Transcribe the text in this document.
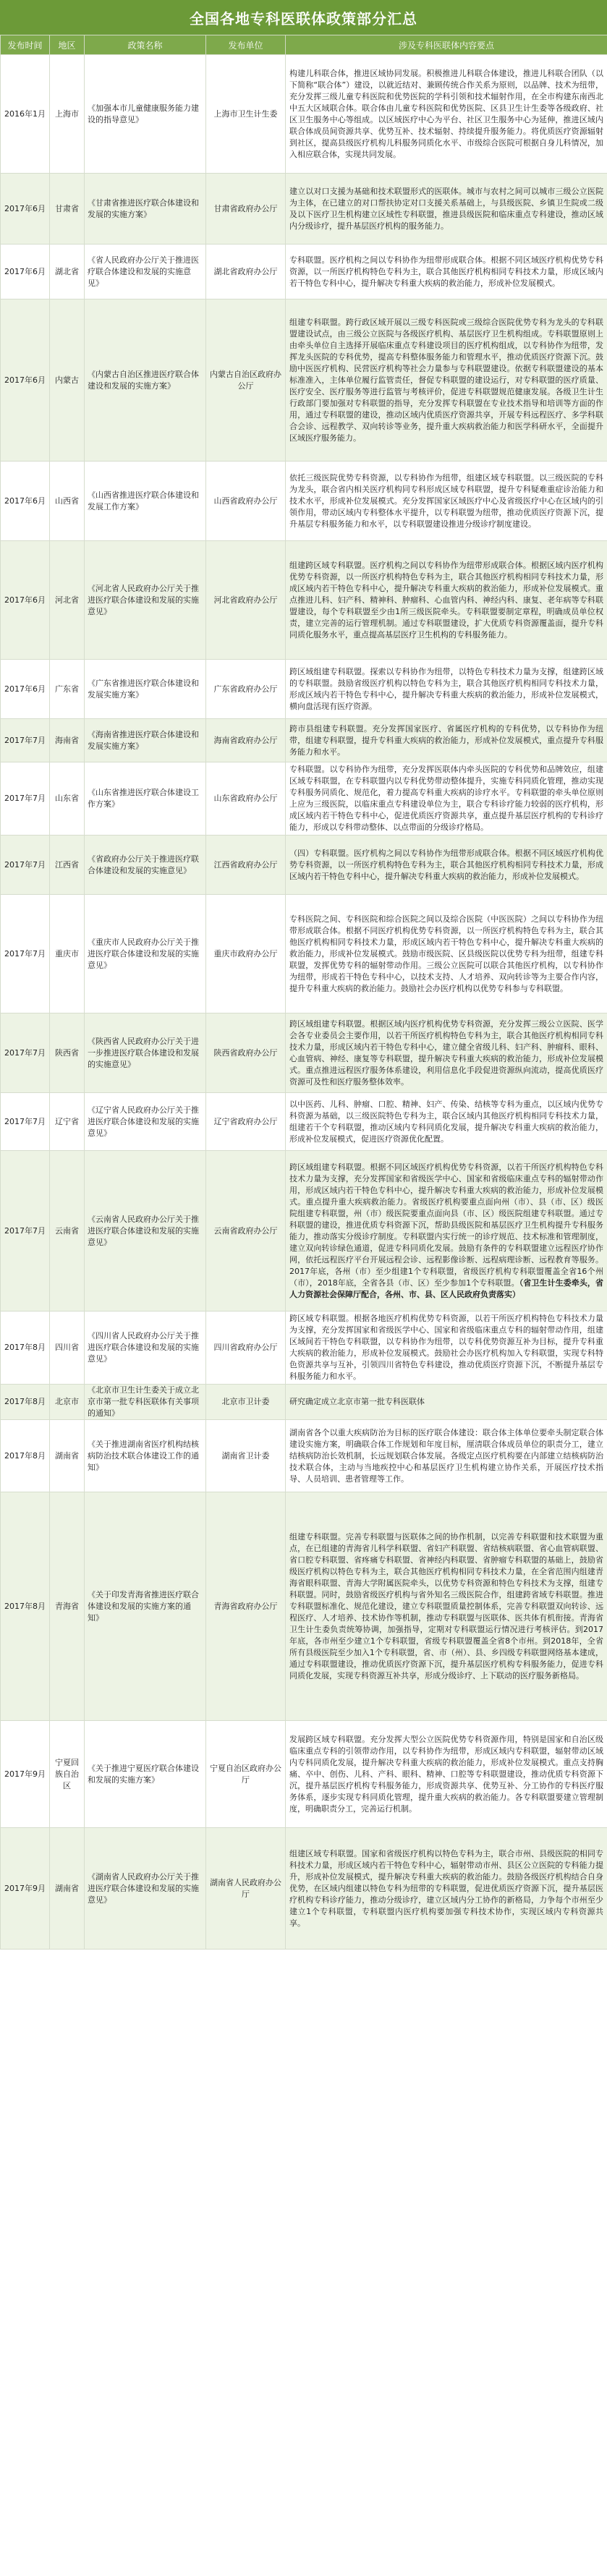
全国各地专科医联体政策部分汇总
发布时间	地区	政策名称	发布单位	涉及专科医联体内容要点
2016年1月	上海市	《加强本市儿童健康服务能力建设的指导意见》	上海市卫生计生委	构建儿科联合体，推进区域协同发展。积极推进儿科联合体建设，推进儿科联合团队（以下简称“联合体”）建设，以就近结对、兼顾传统合作关系为原则，以品牌、技术为纽带，充分发挥三级儿童专科医院和优势医院的学科引领和技术辐射作用，在全市构建东南西北中五大区域联合体。联合体由儿童专科医院和优势医院、区县卫生计生委等各级政府、社区卫生服务中心等组成。以区域医疗中心为平台、社区卫生服务中心为延伸，推进区域内联合体成员间资源共享、优势互补、技术辐射、持续提升服务能力。将优质医疗资源辐射到社区，提高县级医疗机构儿科服务同质化水平、市级综合医院可根据自身儿科情况，加入相应联合体，实现共同发展。
2017年6月	甘肃省	《甘肃省推进医疗联合体建设和发展的实施方案》	甘肃省政府办公厅	建立以对口支援为基础和技术联盟形式的医联体。城市与农村之间可以城市三级公立医院为主体，在已建立的对口帮扶协定对口支援关系基础上，与县级医院、乡镇卫生院或二级及以下医疗卫生机构建立区域性专科联盟，推进县级医院和临床重点专科建设，推动区域内分级诊疗，提升基层医疗机构的服务能力。
2017年6月	湖北省	《省人民政府办公厅关于推进医疗联合体建设和发展的实施意见》	湖北省政府办公厅	专科联盟。医疗机构之间以专科协作为纽带形成联合体。根据不同区域医疗机构优势专科资源，以一所医疗机构特色专科为主，联合其他医疗机构相同专科技术力量，形成区域内若干特色专科中心，提升解决专科重大疾病的救治能力，形成补位发展模式。
2017年6月	内蒙古	《内蒙古自治区推进医疗联合体建设和发展的实施方案》	内蒙古自治区政府办公厅	组建专科联盟。跨行政区域开展以三级专科医院或三级综合医院优势专科为龙头的专科联盟建设试点，由三级公立医院与各级医疗机构、基层医疗卫生机构组成。专科联盟原则上由牵头单位自主选择开展临床重点专科建设项目的医疗机构组成，以专科协作为纽带，发挥龙头医院的专科优势，提高专科整体服务能力和管理水平，推动优质医疗资源下沉。鼓励中医医疗机构、民营医疗机构等社会力量参与专科联盟建设。依据专科联盟建设的基本标准准入，主体单位履行监管责任，督促专科联盟的建设运行，对专科联盟的医疗质量、医疗安全、医疗服务等进行监管与考核评价，促进专科联盟规范健康发展。各级卫生计生行政部门要加强对专科联盟的指导，充分发挥专科联盟在专业技术指导和培训等方面的作用，通过专科联盟的建设，推动区域内优质医疗资源共享，开展专科远程医疗、多学科联合会诊、远程教学、双向转诊等业务，提升重大疾病救治能力和医学科研水平，全面提升区域医疗服务能力。
2017年6月	山西省	《山西省推进医疗联合体建设和发展工作方案》	山西省政府办公厅	依托三级医院优势专科资源，以专科协作为纽带，组建区域专科联盟。以三级医院的专科为龙头，联合省内相关医疗机构同专科形成区域专科联盟，提升专科疑难重症诊治能力和技术水平，形成补位发展模式。充分发挥国家区域医疗中心及省级医疗中心在区域内的引领作用，带动区域内专科整体水平提升，以专科联盟为纽带，推动优质医疗资源下沉，提升基层专科服务能力和水平，以专科联盟建设推进分级诊疗制度建设。
2017年6月	河北省	《河北省人民政府办公厅关于推进医疗联合体建设和发展的实施意见》	河北省政府办公厅	组建跨区域专科联盟。医疗机构之间以专科协作为纽带形成联合体。根据区域内医疗机构优势专科资源，以一所医疗机构特色专科为主，联合其他医疗机构相同专科技术力量，形成区域内若干特色专科中心，提升解决专科重大疾病的救治能力，形成补位发展模式。重点推进儿科、妇产科、精神科、肿瘤科、心血管内科、神经内科、康复、老年病等专科联盟建设，每个专科联盟至少由1所三级医院牵头。专科联盟要制定章程，明确成员单位权责，建立完善的运行管理机制。通过专科联盟建设，扩大优质专科资源覆盖面，提升专科同质化服务水平，重点提高基层医疗卫生机构的专科服务能力。
2017年6月	广东省	《广东省推进医疗联合体建设和发展实施方案》	广东省政府办公厅	跨区域组建专科联盟。探索以专科协作为纽带，以特色专科技术力量为支撑，组建跨区域的专科联盟。鼓励省级医疗机构以特色专科为主，联合其他医疗机构相同专科技术力量，形成区域内若干特色专科中心，提升解决专科重大疾病的救治能力，形成补位发展模式，横向盘活现有医疗资源。
2017年7月	海南省	《海南省推进医疗联合体建设和发展实施方案》	海南省政府办公厅	跨市县组建专科联盟。充分发挥国家医疗、省属医疗机构的专科优势，以专科协作为纽带，组建专科联盟，提升专科重大疾病的救治能力，形成补位发展模式，重点提升专科服务能力和水平。
2017年7月	山东省	《山东省推进医疗联合体建设工作方案》	山东省政府办公厅	专科联盟。以专科协作为纽带，充分发挥医联体内牵头医院的专科优势和品牌效应，组建区域专科联盟，在专科联盟内以专科优势带动整体提升，实施专科同质化管理，推动实现专科服务同质化、规范化，着力提高专科重大疾病的诊疗水平。专科联盟的牵头单位原则上应为三级医院，以临床重点专科建设单位为主，联合专科诊疗能力较弱的医疗机构，形成区域内若干特色专科中心，促进优质医疗资源共享，重点提升基层医疗机构的专科诊疗能力，形成以专科带动整体、以点带面的分级诊疗格局。
2017年7月	江西省	《省政府办公厅关于推进医疗联合体建设和发展的实施意见》	江西省政府办公厅	（四）专科联盟。医疗机构之间以专科协作为纽带形成联合体。根据不同区域医疗机构优势专科资源，以一所医疗机构特色专科为主，联合其他医疗机构相同专科技术力量，形成区域内若干特色专科中心，提升解决专科重大疾病的救治能力，形成补位发展模式。
2017年7月	重庆市	《重庆市人民政府办公厅关于推进医疗联合体建设和发展的实施意见》	重庆市政府办公厅	专科医院之间、专科医院和综合医院之间以及综合医院（中医医院）之间以专科协作为纽带形成联合体。根据不同医疗机构优势专科资源，以一所医疗机构特色专科为主，联合其他医疗机构相同专科技术力量，形成区域内若干特色专科中心，提升解决专科重大疾病的救治能力，形成补位发展模式。鼓励市级医院、区县级医院以优势专科为纽带，组建专科联盟，发挥优势专科的辐射带动作用。三级公立医院可以联合其他医疗机构，以专科协作为纽带，形成若干特色专科中心，以技术支持、人才培养、双向转诊等为主要合作内容，提升专科重大疾病的救治能力。鼓励社会办医疗机构以优势专科参与专科联盟。
2017年7月	陕西省	《陕西省人民政府办公厅关于进一步推进医疗联合体建设和发展的实施意见》	陕西省政府办公厅	跨区域组建专科联盟。根据区域内医疗机构优势专科资源，充分发挥三级公立医院、医学会各专业委员会主要作用，以若干所医疗机构特色专科为主，联合其他医疗机构相同专科技术力量，形成区域内若干特色专科中心，建立健全省级儿科、妇产科、肿瘤科、眼科、心血管病、神经、康复等专科联盟，提升解决专科重大疾病的救治能力，形成补位发展模式。重点推进远程医疗服务体系建设，利用信息化手段促进资源纵向流动，提高优质医疗资源可及性和医疗服务整体效率。
2017年7月	辽宁省	《辽宁省人民政府办公厅关于推进医疗联合体建设和发展的实施意见》	辽宁省政府办公厅	以中医药、儿科、肿瘤、口腔、精神、妇产、传染、结核等专科为重点，以区域内优势专科资源为基础，以三级医院特色专科为主，联合区域内其他医疗机构相同专科技术力量，组建若干个专科联盟，推动区域内专科同质化发展，提升解决专科重大疾病的救治能力，形成补位发展模式，促进医疗资源优化配置。
2017年7月	云南省	《云南省人民政府办公厅关于推进医疗联合体建设和发展的实施意见》	云南省政府办公厅	跨区域组建专科联盟。根据不同区域医疗机构优势专科资源，以若干所医疗机构特色专科技术力量为支撑，充分发挥国家和省级医学中心、国家和省级临床重点专科的辐射带动作用，形成区域内若干特色专科中心，提升解决专科重大疾病的救治能力，形成补位发展模式。重点提升重大疾病救治能力。省级医疗机构要重点面向州（市）、县（市、区）级医院组建专科联盟，州（市）级医院要重点面向县（市、区）级医院组建专科联盟。通过专科联盟的建设，推进优质专科资源下沉，帮助县级医院和基层医疗卫生机构提升专科服务能力，推动落实分级诊疗制度。专科联盟内实行统一的诊疗规范、技术标准和管理制度，建立双向转诊绿色通道，促进专科同质化发展。鼓励有条件的专科联盟建立远程医疗协作网，依托远程医疗平台开展远程会诊、远程影像诊断、远程病理诊断、远程教育等服务。2017年底，各州（市）至少组建1个专科联盟，省级医疗机构专科联盟覆盖全省16个州（市），2018年底，全省各县（市、区）至少参加1个专科联盟。（省卫生计生委牵头，省人力资源社会保障厅配合，各州、市、县、区人民政府负责落实）
2017年8月	四川省	《四川省人民政府办公厅关于推进医疗联合体建设和发展的实施意见》	四川省政府办公厅	跨区域专科联盟。根据各地医疗机构优势专科资源，以若干所医疗机构特色专科技术力量为支撑，充分发挥国家和省级医学中心、国家和省级临床重点专科的辐射带动作用，组建区域间若干特色专科联盟，以专科协作为纽带，以专科优势资源互补为目标，提升专科重大疾病的救治能力，形成补位发展模式。鼓励社会办医疗机构加入专科联盟，实现专科特色资源共享与互补，引领四川省特色专科建设，推动优质医疗资源下沉，不断提升基层专科服务能力和水平。
2017年8月	北京市	《北京市卫生计生委关于成立北京市第一批专科医联体有关事项的通知》	北京市卫计委	研究确定成立北京市第一批专科医联体
2017年8月	湖南省	《关于推进湖南省医疗机构结核病防治技术联合体建设工作的通知》	湖南省卫计委	湖南省各个以重大疾病防治为目标的医疗联合体建设：联合体主体单位要牵头制定联合体建设实施方案，明确联合体工作规划和年度目标，厘清联合体成员单位的职责分工，建立结核病防治长效机制，长远规划联合体发展。各级定点医疗机构要在内部建立结核病防治技术联合体，主动与当地疾控中心和基层医疗卫生机构建立协作关系，开展医疗技术指导、人员培训、患者管理等工作。
2017年8月	青海省	《关于印发青海省推进医疗联合体建设和发展的实施方案的通知》	青海省政府办公厅	组建专科联盟。完善专科联盟与医联体之间的协作机制，以完善专科联盟和技术联盟为重点，在已组建的青海省儿科学科联盟、省妇产科联盟、省结核病联盟、省心血管病联盟、省口腔专科联盟、省疼痛专科联盟、省神经内科联盟、省肿瘤专科联盟的基础上，鼓励省级医疗机构以特色专科为主，联合其他医疗机构相同专科技术力量，在全省范围内组建青海省眼科联盟、青海大学附属医院牵头，以优势专科资源和特色专科技术为支撑，组建专科联盟。同时，鼓励省级医疗机构与省外知名三级医院合作，组建跨省域专科联盟。推进专科联盟标准化、规范化建设，建立专科联盟质量控制体系，完善专科联盟双向转诊、远程医疗、人才培养、技术协作等机制，推动专科联盟与医联体、医共体有机衔接。青海省卫生计生委负责统筹协调，加强指导，定期对专科联盟运行情况进行考核评估。到2017年底，各市州至少建立1个专科联盟，省级专科联盟覆盖全省8个市州。到2018年，全省所有县级医院至少加入1个专科联盟，省、市（州）、县、乡四级专科联盟网络基本建成，通过专科联盟建设，推动优质医疗资源下沉，提升基层医疗机构专科服务能力，促进专科同质化发展，实现专科资源互补共享，形成分级诊疗、上下联动的医疗服务新格局。
2017年9月	宁夏回族自治区	《关于推进宁夏医疗联合体建设和发展的实施方案》	宁夏自治区政府办公厅	发展跨区域专科联盟。充分发挥大型公立医院优势专科资源作用，特别是国家和自治区级临床重点专科的引领带动作用，以专科协作为纽带，形成区域内专科联盟，辐射带动区域内专科同质化发展，提升解决专科重大疾病的救治能力，形成补位发展模式。重点支持胸痛、卒中、创伤、儿科、产科、眼科、精神、口腔等专科联盟建设，推动优质专科资源下沉，提升基层医疗机构专科服务能力，形成资源共享、优势互补、分工协作的专科医疗服务体系，逐步实现专科同质化管理，提升重大疾病的救治能力。各专科联盟要建立管理制度，明确职责分工，完善运行机制。
2017年9月	湖南省	《湖南省人民政府办公厅关于推进医疗联合体建设和发展的实施意见》	湖南省人民政府办公厅	组建区域专科联盟。国家和省级医疗机构以特色专科为主，联合市州、县级医院的相同专科技术力量，形成区域内若干特色专科中心，辐射带动市州、县区公立医院的专科能力提升，形成补位发展模式，提升解决专科重大疾病的救治能力。鼓励各级医疗机构结合自身优势，在区域内组建以特色专科为纽带的专科联盟，促进优质医疗资源下沉，提升基层医疗机构专科诊疗能力，推动分级诊疗，建立区域内分工协作的新格局，力争每个市州至少建立1个专科联盟，专科联盟内医疗机构要加强专科技术协作，实现区域内专科资源共享。
